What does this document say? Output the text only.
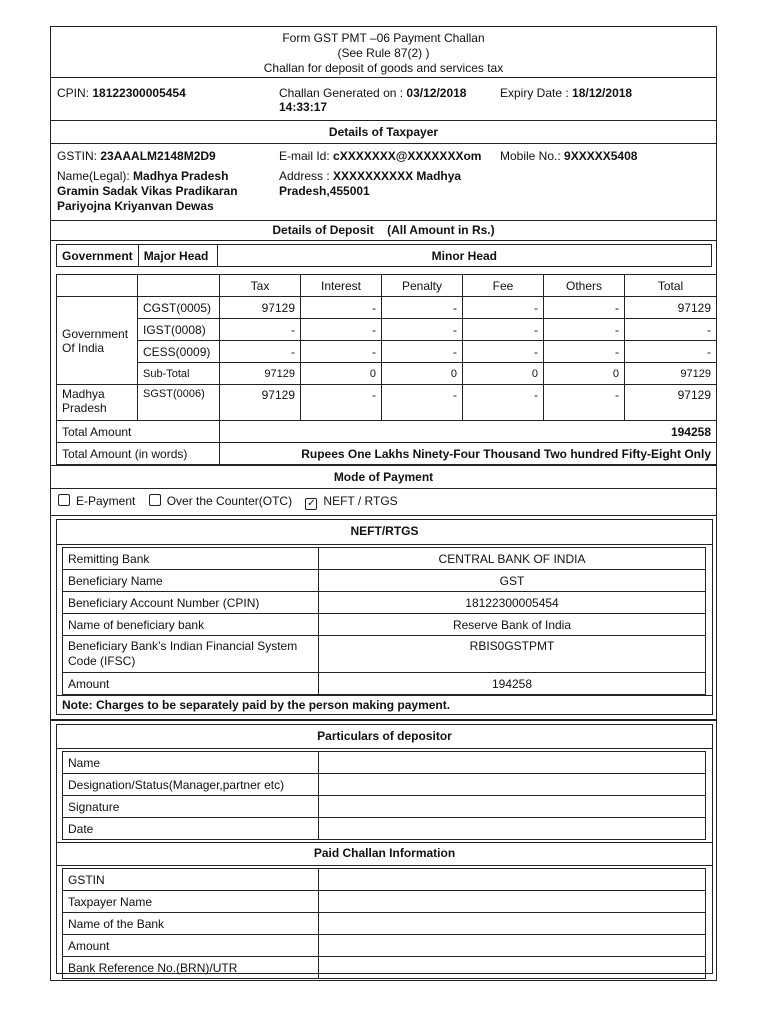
Form GST PMT –06 Payment Challan
(See Rule 87(2) )
Challan for deposit of goods and services tax
CPIN: 18122300005454	Challan Generated on : 03/12/2018
14:33:17
Expiry Date : 18/12/2018
Details of Taxpayer
GSTIN: 23AAALM2148M2D9	E-mail Id: cXXXXXXX@XXXXXXXom Mobile No.: 9XXXXX5408
Name(Legal): Madhya Pradesh
Gramin Sadak Vikas Pradikaran
Pariyojna Kriyanvan Dewas
Address : XXXXXXXXXX Madhya
Pradesh,455001
Details of Deposit (All Amount in Rs.)
Government	Major Head	Minor Head
		Tax	Interest	Penalty	Fee	Others	Total
Government Of India	CGST(0005)	97129	-	-	-	-	97129
	IGST(0008)	-	-	-	-	-	-
	CESS(0009)	-	-	-	-	-	-
	Sub-Total	97129	0	0	0	0	97129
Madhya Pradesh	SGST(0006)	97129	-	-	-	-	97129
Total Amount		194258					
Total Amount (in words)		Rupees One Lakhs Ninety-Four Thousand Two hundred Fifty-Eight Only					
Mode of Payment
E-Payment	Over the Counter(OTC) ✓ NEFT / RTGS
NEFT/RTGS
Remitting Bank	CENTRAL BANK OF INDIA
Beneficiary Name	GST
Beneficiary Account Number (CPIN)	18122300005454
Name of beneficiary bank	Reserve Bank of India
Beneficiary Bank’s Indian Financial System Code (IFSC)	RBIS0GSTPMT
Amount	194258
Note: Charges to be separately paid by the person making payment.
Particulars of depositor
Name	
Designation/Status(Manager,partner etc)	
Signature	
Date	
Paid Challan Information
GSTIN	
Taxpayer Name	
Name of the Bank	
Amount	
Bank Reference No.(BRN)/UTR	
